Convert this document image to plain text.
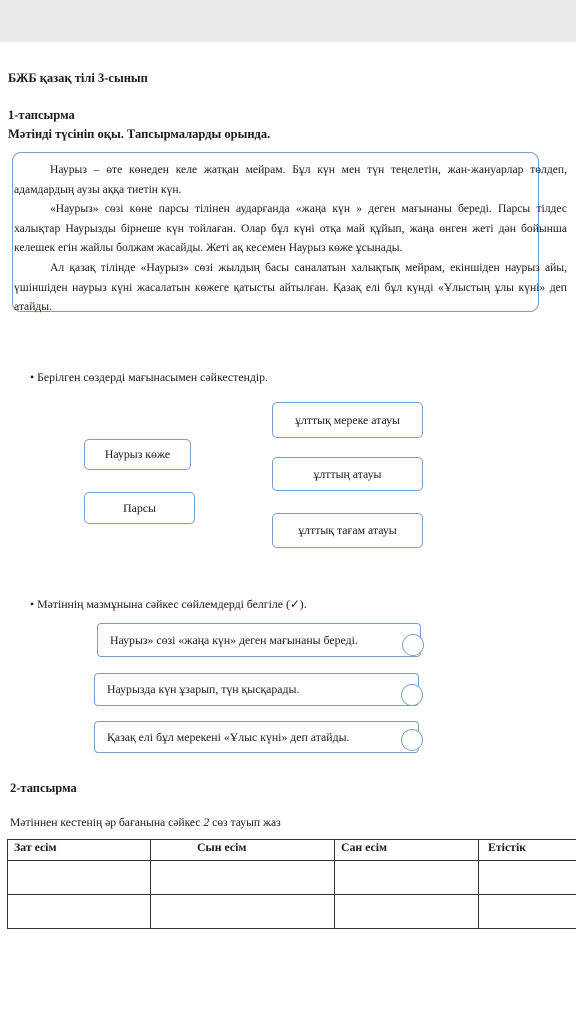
БЖБ қазақ тілі 3-сынып
1-тапсырма
Мәтінді түсініп оқы. Тапсырмаларды орында.

Наурыз – өте көнеден келе жатқан мейрам. Бұл күн мен түн теңелетін, жан-жануарлар төлдеп, адамдардың аузы аққа тиетін күн.

«Наурыз» сөзі көне парсы тілінен аударғанда «жаңа күн » деген мағынаны береді. Парсы тілдес халықтар Наурызды бірнеше күн тойлаған. Олар бұл күні отқа май құйып, жаңа өнген жеті дән бойынша келешек егін жайлы болжам жасайды. Жеті ақ кесемен Наурыз көже ұсынады.

Ал қазақ тілінде «Наурыз» сөзі жылдың басы саналатын халықтық мейрам, екіншіден наурыз айы, үшіншіден наурыз күні жасалатын көжеге қатысты айтылған. Қазақ елі бұл күнді «Ұлыстың ұлы күні» деп атайды.

• Берілген сөздерді мағынасымен сәйкестендір.
Наурыз көже
Парсы
ұлттық мереке атауы
ұлттың атауы
ұлттық тағам атауы
• Мәтіннің мазмұнына сәйкес сөйлемдерді белгіле (✓).
Наурыз» сөзі «жаңа күн» деген мағынаны береді.
Наурызда күн ұзарып, түн қысқарады.
Қазақ елі бұл мерекені «Ұлыс күні» деп атайды.
2-тапсырма
Мәтіннен кестенің әр бағанына сәйкес 2 сөз тауып жаз
Зат есім	Сын есім	Сан есім	Етістік
